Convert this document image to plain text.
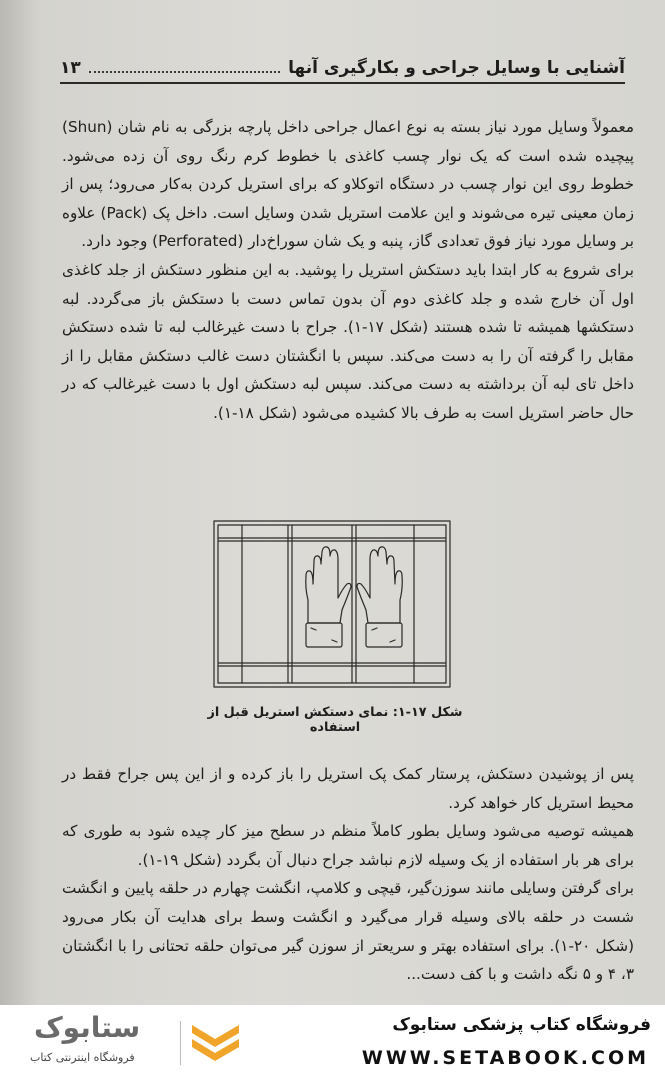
آشنایی با وسایل جراحی و بکارگیری آنها
۱۳

معمولاً وسایل مورد نیاز بسته به نوع اعمال جراحی داخل پارچه بزرگی به نام شان (Shun) پیچیده شده است که یک نوار چسب کاغذی با خطوط کرم رنگ روی آن زده می‌شود. خطوط روی این نوار چسب در دستگاه اتوکلاو که برای استریل کردن به‌کار می‌رود؛ پس از زمان معینی تیره می‌شوند و این علامت استریل شدن وسایل است. داخل پک (Pack) علاوه بر وسایل مورد نیاز فوق تعدادی گاز، پنبه و یک شان سوراخ‌دار (Perforated) وجود دارد.

برای شروع به کار ابتدا باید دستکش استریل را پوشید. به این منظور دستکش از جلد کاغذی اول آن خارج شده و جلد کاغذی دوم آن بدون تماس دست با دستکش باز می‌گردد. لبه دستکشها همیشه تا شده هستند (شکل ۱۷-۱). جراح با دست غیرغالب لبه تا شده دستکش مقابل را گرفته آن را به دست می‌کند. سپس با انگشتان دست غالب دستکش مقابل را از داخل تای لبه آن برداشته به دست می‌کند. سپس لبه دستکش اول با دست غیرغالب که در حال حاضر استریل است به طرف بالا کشیده می‌شود (شکل ۱۸-۱).

شکل ۱۷-۱: نمای دستکش استریل قبل از استفاده

پس از پوشیدن دستکش، پرستار کمک پک استریل را باز کرده و از این پس جراح فقط در محیط استریل کار خواهد کرد.

همیشه توصیه می‌شود وسایل بطور کاملاً منظم در سطح میز کار چیده شود به طوری که برای هر بار استفاده از یک وسیله لازم نباشد جراح دنبال آن بگردد (شکل ۱۹-۱).

برای گرفتن وسایلی مانند سوزن‌گیر، قیچی و کلامپ، انگشت چهارم در حلقه پایین و انگشت شست در حلقه بالای وسیله قرار می‌گیرد و انگشت وسط برای هدایت آن بکار می‌رود (شکل ۲۰-۱). برای استفاده بهتر و سریعتر از سوزن گیر می‌توان حلقه تحتانی را با انگشتان ۳، ۴ و ۵ نگه داشت و با کف دست...

فروشگاه کتاب پزشکی ستابوک
WWW.SETABOOK.COM
ستابوک
فروشگاه اینترنتی کتاب
